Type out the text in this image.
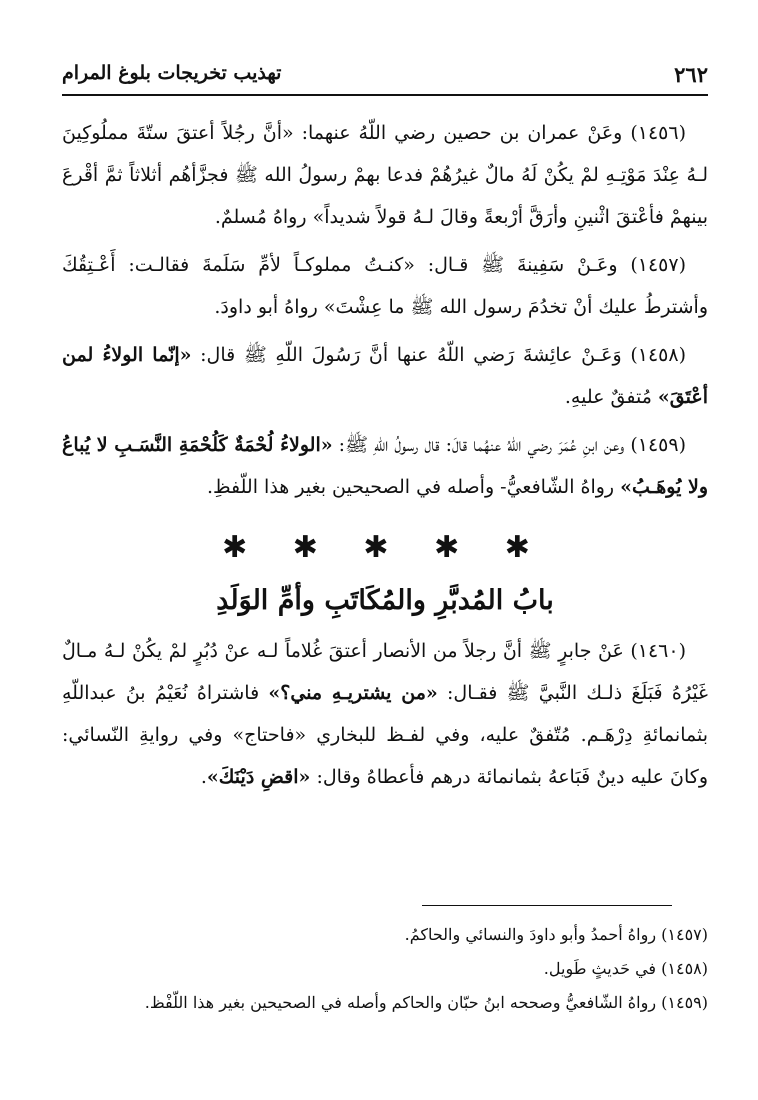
٢٦٢
تهذيب تخريجات بلوغ المرام

(١٤٥٦) وعَنْ عمران بن حصين رضي اللّهُ عنهما: «أنَّ رجُلاً أعتقَ ستّةَ مملُوكِينَ لـهُ عِنْدَ مَوْتِـهِ لمْ يكُنْ لَهُ مالٌ غيرُهُمْ فدعا بهمْ رسولُ الله ﷺ فجزَّأهُم أثلاثاً ثمَّ أقْرعَ بينهمْ فأعْتقَ اثْنينِ وأرَقَّ أرْبعةً وقالَ لـهُ قولاً شديداً» رواهُ مُسلمٌ.

(١٤٥٧) وعَـنْ سَفِينةَ ﷺ قـال: «كنـتُ مملوكـاً لأمِّ سَلَمةَ فقالـت: أَعْـتِقُكَ وأشترطُ عليك أنْ تخدُمَ رسول الله ﷺ ما عِشْتَ» رواهُ أبو داودَ.

(١٤٥٨) وَعَـنْ عائِشةَ رَضي اللّهُ عنها أنَّ رَسُولَ اللّهِ ﷺ قال: «إنّما الولاءُ لمن أعْتَقَ» مُتفقٌ عليهِ.

(١٤٥٩) وعن ابنِ عُمَرَ رضي اللّهُ عنهُما قالَ: قال رسولُ اللهِ ﷺ: «الولاءُ لُحْمَةٌ كَلُحْمَةِ النَّسَـبِ لا يُباعُ ولا يُوهَـبُ» رواهُ الشّافعيُّ- وأصله في الصحيحين بغير هذا اللّفظِ.

✱ ✱ ✱ ✱ ✱
بابُ المُدبَّرِ والمُكَاتَبِ وأمِّ الوَلَدِ

(١٤٦٠) عَنْ جابرٍ ﷺ أنَّ رجلاً من الأنصار أعتقَ غُلاماً لـه عنْ دُبُرٍ لمْ يكُنْ لـهُ مـالٌ غَيْرُهُ فَبَلَغَ ذلـك النَّبيَّ ﷺ فقـال: «من يشتريـهِ مني؟» فاشتراهُ نُعَيْمُ بنُ عبداللّهِ بثمانمائةِ دِرْهَـم. مُتّفقٌ عليه، وفي لفـظ للبخاري «فاحتاج» وفي روايةِ النّسائي: وكانَ عليه دينٌ فَبَاعهُ بثمانمائة درهم فأعطاهُ وقال: «اقضِ دَيْنَكَ».

(١٤٥٧) رواهُ أحمدُ وأبو داودَ والنسائي والحاكمُ.

(١٤٥٨) في حَديثٍ طَويل.

(١٤٥٩) رواهُ الشّافعيُّ وصححه ابنُ حبّان والحاكم وأصله في الصحيحين بغير هذا اللّفْظ.
